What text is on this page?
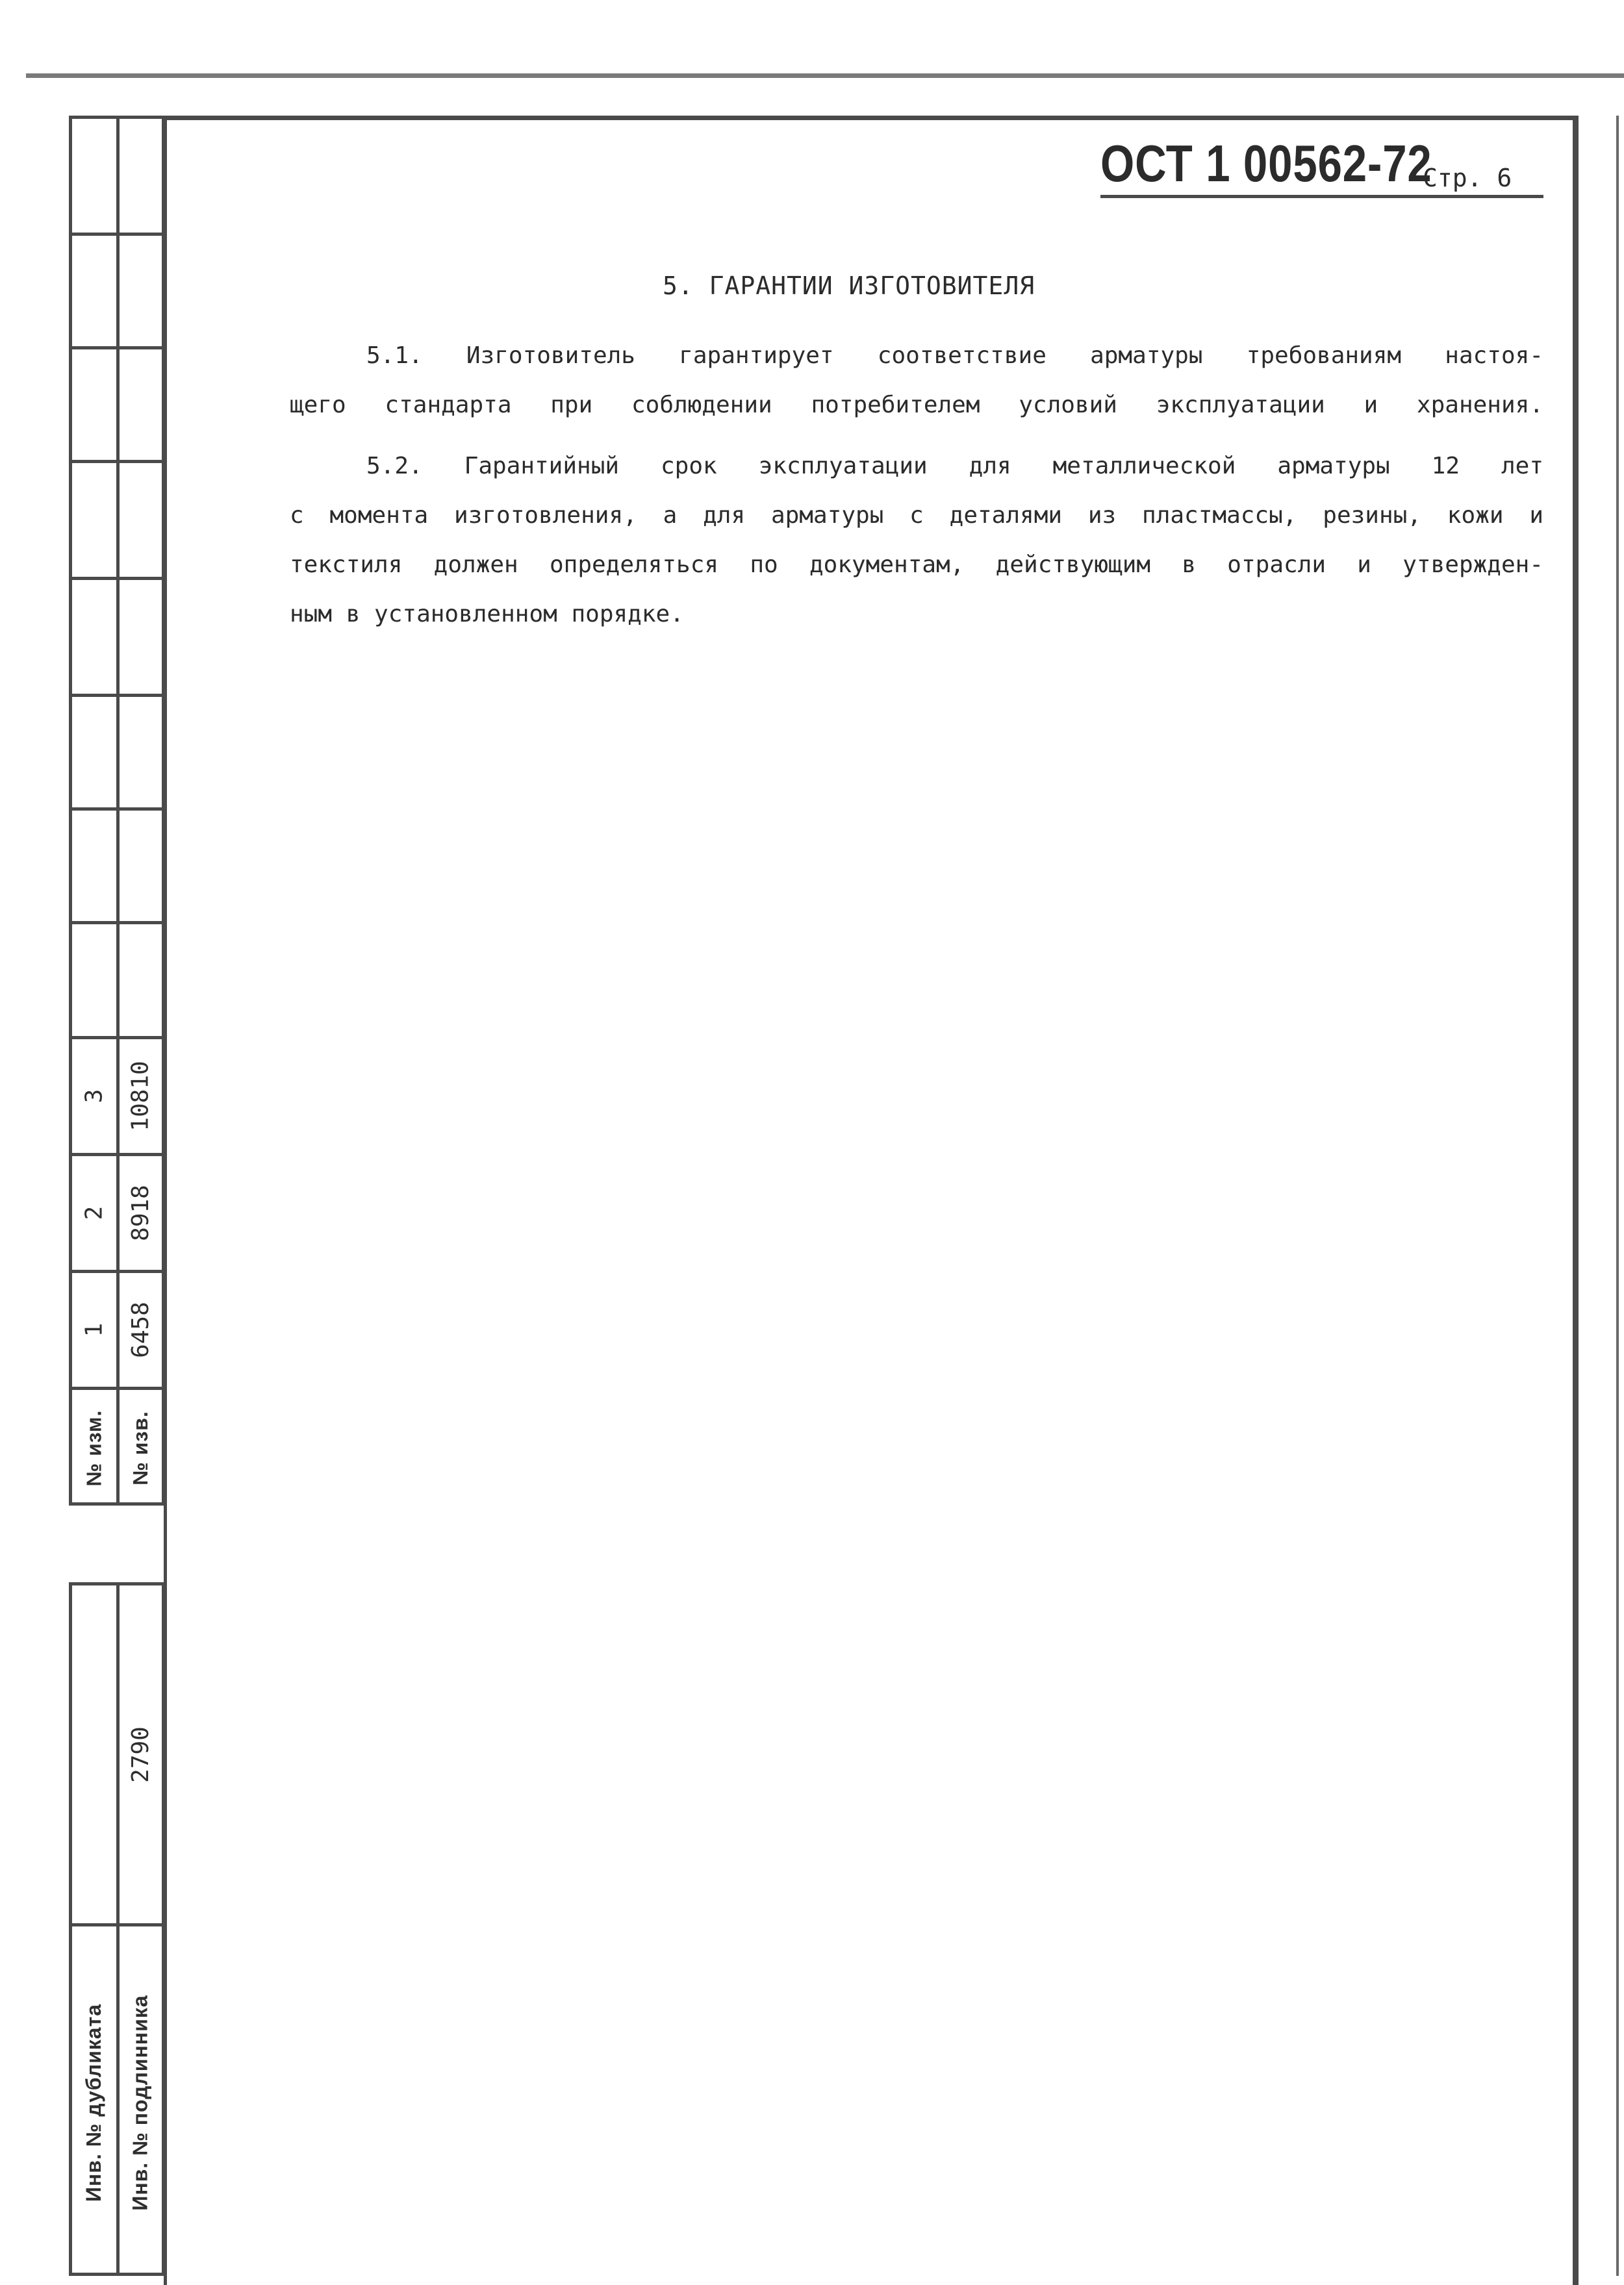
3 10810
2 8918
1 6458
№ изм. № изв.
2790
Инв. № дубликата Инв. № подлинника
ОСТ 1 00562-72
Стр. 6
5. ГАРАНТИИ ИЗГОТОВИТЕЛЯ
5.1. Изготовитель гарантирует соответствие арматуры требованиям настоя-
щего стандарта при соблюдении потребителем условий эксплуатации и хранения.
5.2. Гарантийный срок эксплуатации для металлической арматуры 12 лет
с момента изготовления, а для арматуры с деталями из пластмассы, резины, кожи и
текстиля должен определяться по документам, действующим в отрасли и утвержден-
ным в установленном порядке.
